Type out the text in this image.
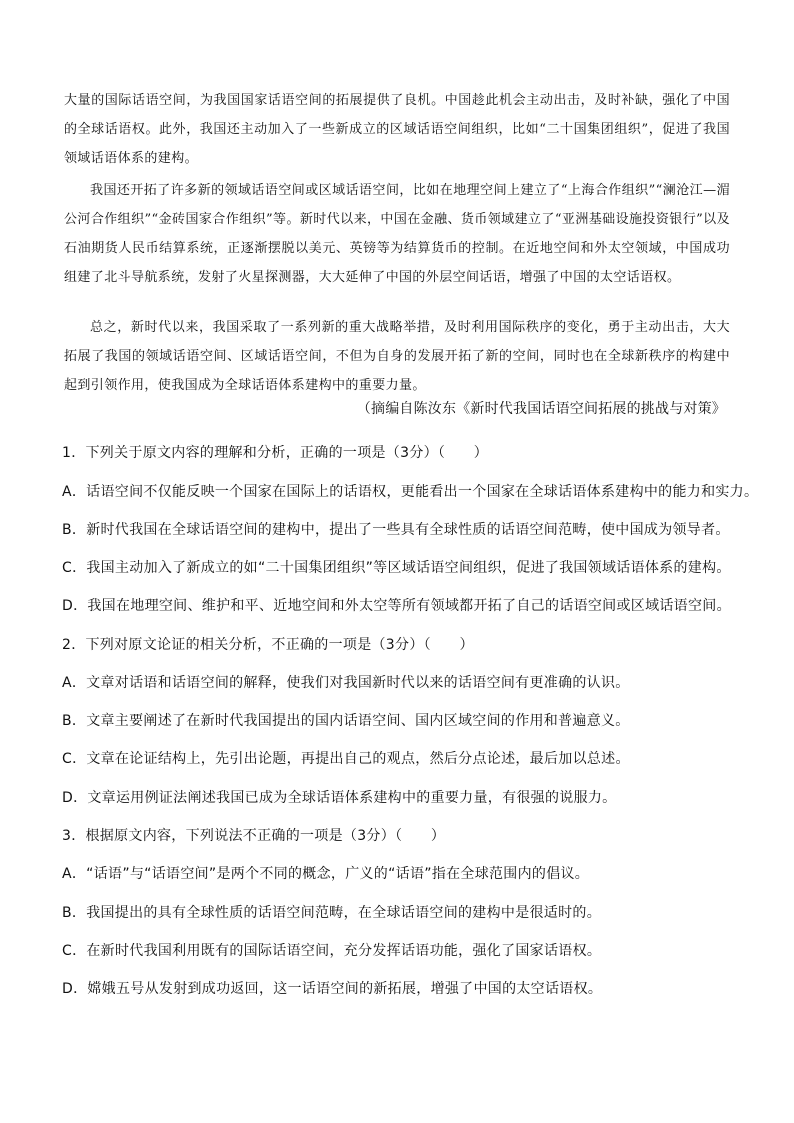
大量的国际话语空间，为我国国家话语空间的拓展提供了良机。中国趁此机会主动出击，及时补缺，强化了中国的全球话语权。此外，我国还主动加入了一些新成立的区域话语空间组织，比如“二十国集团组织”，促进了我国领域话语体系的建构。

我国还开拓了许多新的领域话语空间或区域话语空间，比如在地理空间上建立了“上海合作组织”“澜沧江—湄公河合作组织”“金砖国家合作组织”等。新时代以来，中国在金融、货币领域建立了“亚洲基础设施投资银行”以及石油期货人民币结算系统，正逐渐摆脱以美元、英镑等为结算货币的控制。在近地空间和外太空领域，中国成功组建了北斗导航系统，发射了火星探测器，大大延伸了中国的外层空间话语，增强了中国的太空话语权。

总之，新时代以来，我国采取了一系列新的重大战略举措，及时利用国际秩序的变化，勇于主动出击，大大拓展了我国的领域话语空间、区域话语空间，不但为自身的发展开拓了新的空间，同时也在全球新秩序的构建中起到引领作用，使我国成为全球话语体系建构中的重要力量。

（摘编自陈汝东《新时代我国话语空间拓展的挑战与对策》
1．下列关于原文内容的理解和分析，正确的一项是（3分）（　　）
A．话语空间不仅能反映一个国家在国际上的话语权，更能看出一个国家在全球话语体系建构中的能力和实力。
B．新时代我国在全球话语空间的建构中，提出了一些具有全球性质的话语空间范畴，使中国成为领导者。
C．我国主动加入了新成立的如“二十国集团组织”等区域话语空间组织，促进了我国领域话语体系的建构。
D．我国在地理空间、维护和平、近地空间和外太空等所有领域都开拓了自己的话语空间或区域话语空间。
2．下列对原文论证的相关分析，不正确的一项是（3分）（　　）
A．文章对话语和话语空间的解释，使我们对我国新时代以来的话语空间有更准确的认识。
B．文章主要阐述了在新时代我国提出的国内话语空间、国内区域空间的作用和普遍意义。
C．文章在论证结构上，先引出论题，再提出自己的观点，然后分点论述，最后加以总述。
D．文章运用例证法阐述我国已成为全球话语体系建构中的重要力量，有很强的说服力。
3．根据原文内容，下列说法不正确的一项是（3分）（　　）
A．“话语”与“话语空间”是两个不同的概念，广义的“话语”指在全球范围内的倡议。
B．我国提出的具有全球性质的话语空间范畴，在全球话语空间的建构中是很适时的。
C．在新时代我国利用既有的国际话语空间，充分发挥话语功能，强化了国家话语权。
D．嫦娥五号从发射到成功返回，这一话语空间的新拓展，增强了中国的太空话语权。
